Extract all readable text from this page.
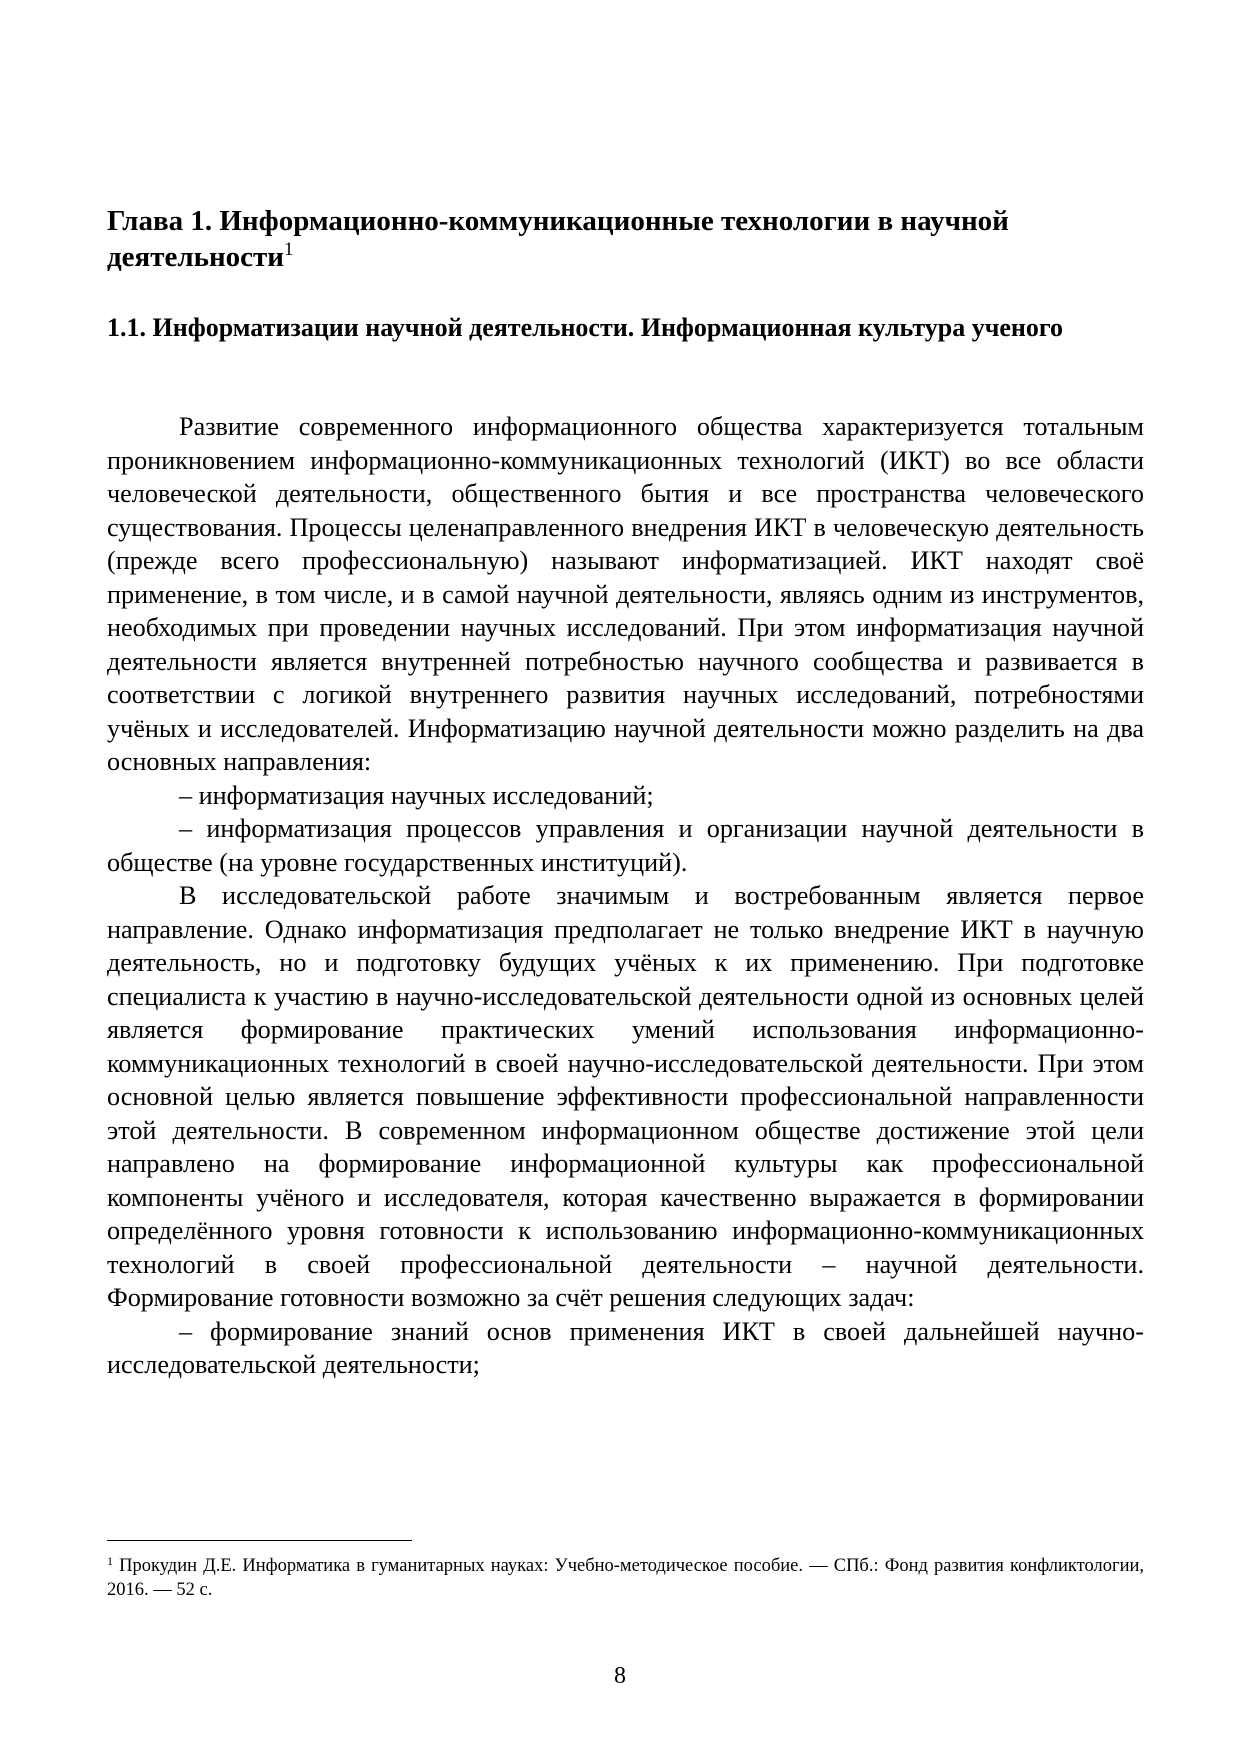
Глава 1. Информационно-коммуникационные технологии в научной деятельности$^1$
1.1. Информатизации научной деятельности. Информационная культура ученого

Развитие современного информационного общества характеризуется тотальным проникновением информационно-коммуникационных технологий (ИКТ) во все области человеческой деятельности, общественного бытия и все пространства человеческого существования. Процессы целенаправленного внедрения ИКТ в человеческую деятельность (прежде всего профессиональную) называют информатизацией. ИКТ находят своё применение, в том числе, и в самой научной деятельности, являясь одним из инструментов, необходимых при проведении научных исследований. При этом информатизация научной деятельности является внутренней потребностью научного сообщества и развивается в соответствии с логикой внутреннего развития научных исследований, потребностями учёных и исследователей. Информатизацию научной деятельности можно разделить на два основных направления:

– информатизация научных исследований;

– информатизация процессов управления и организации научной деятельности в обществе (на уровне государственных институций).

В исследовательской работе значимым и востребованным является первое направление. Однако информатизация предполагает не только внедрение ИКТ в научную деятельность, но и подготовку будущих учёных к их применению. При подготовке специалиста к участию в научно-исследовательской деятельности одной из основных целей является формирование практических умений использования информационно-коммуникационных технологий в своей научно-исследовательской деятельности. При этом основной целью является повышение эффективности профессиональной направленности этой деятельности. В современном информационном обществе достижение этой цели направлено на формирование информационной культуры как профессиональной компоненты учёного и исследователя, которая качественно выражается в формировании определённого уровня готовности к использованию информационно-коммуникационных технологий в своей профессиональной деятельности – научной деятельности. Формирование готовности возможно за счёт решения следующих задач:

– формирование знаний основ применения ИКТ в своей дальнейшей научно-исследовательской деятельности;

$^1$ Прокудин Д.Е. Информатика в гуманитарных науках: Учебно-методическое пособие. — СПб.: Фонд развития конфликтологии, 2016. — 52 с.

8
